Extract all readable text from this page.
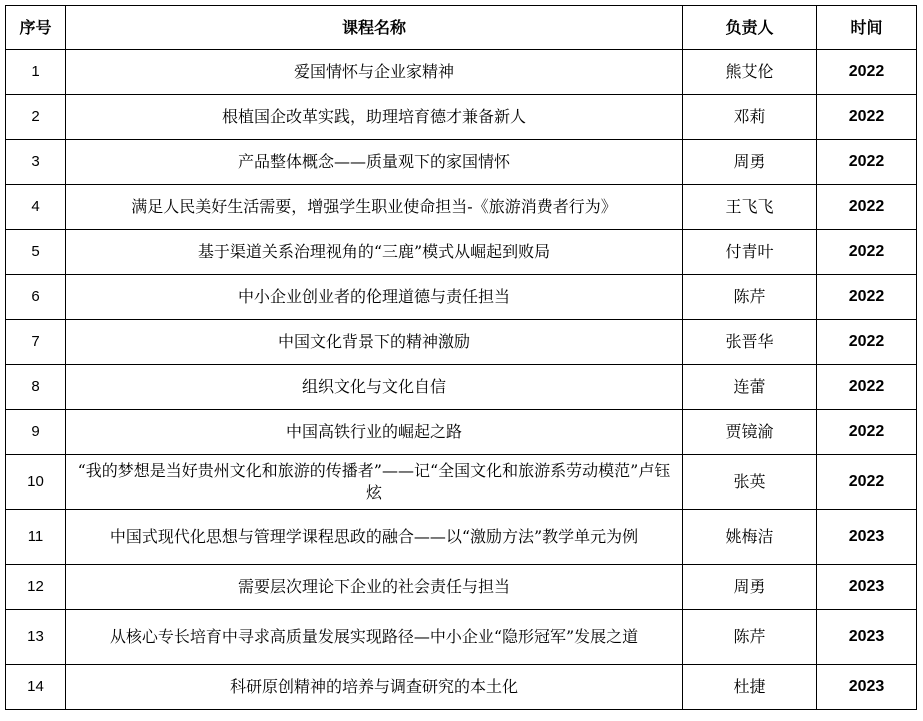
序号	课程名称	负责人	时间
1	爱国情怀与企业家精神	熊艾伦	2022
2	根植国企改革实践，助理培育德才兼备新人	邓莉	2022
3	产品整体概念——质量观下的家国情怀	周勇	2022
4	满足人民美好生活需要，增强学生职业使命担当-《旅游消费者行为》	王飞飞	2022
5	基于渠道关系治理视角的“三鹿”模式从崛起到败局	付青叶	2022
6	中小企业创业者的伦理道德与责任担当	陈芹	2022
7	中国文化背景下的精神激励	张晋华	2022
8	组织文化与文化自信	连蕾	2022
9	中国高铁行业的崛起之路	贾镜渝	2022
10	“我的梦想是当好贵州文化和旅游的传播者”——记“全国文化和旅游系劳动模范”卢钰炫	张英	2022
11	中国式现代化思想与管理学课程思政的融合——以“激励方法”教学单元为例	姚梅洁	2023
12	需要层次理论下企业的社会责任与担当	周勇	2023
13	从核心专长培育中寻求高质量发展实现路径—中小企业“隐形冠军”发展之道	陈芹	2023
14	科研原创精神的培养与调查研究的本土化	杜捷	2023
